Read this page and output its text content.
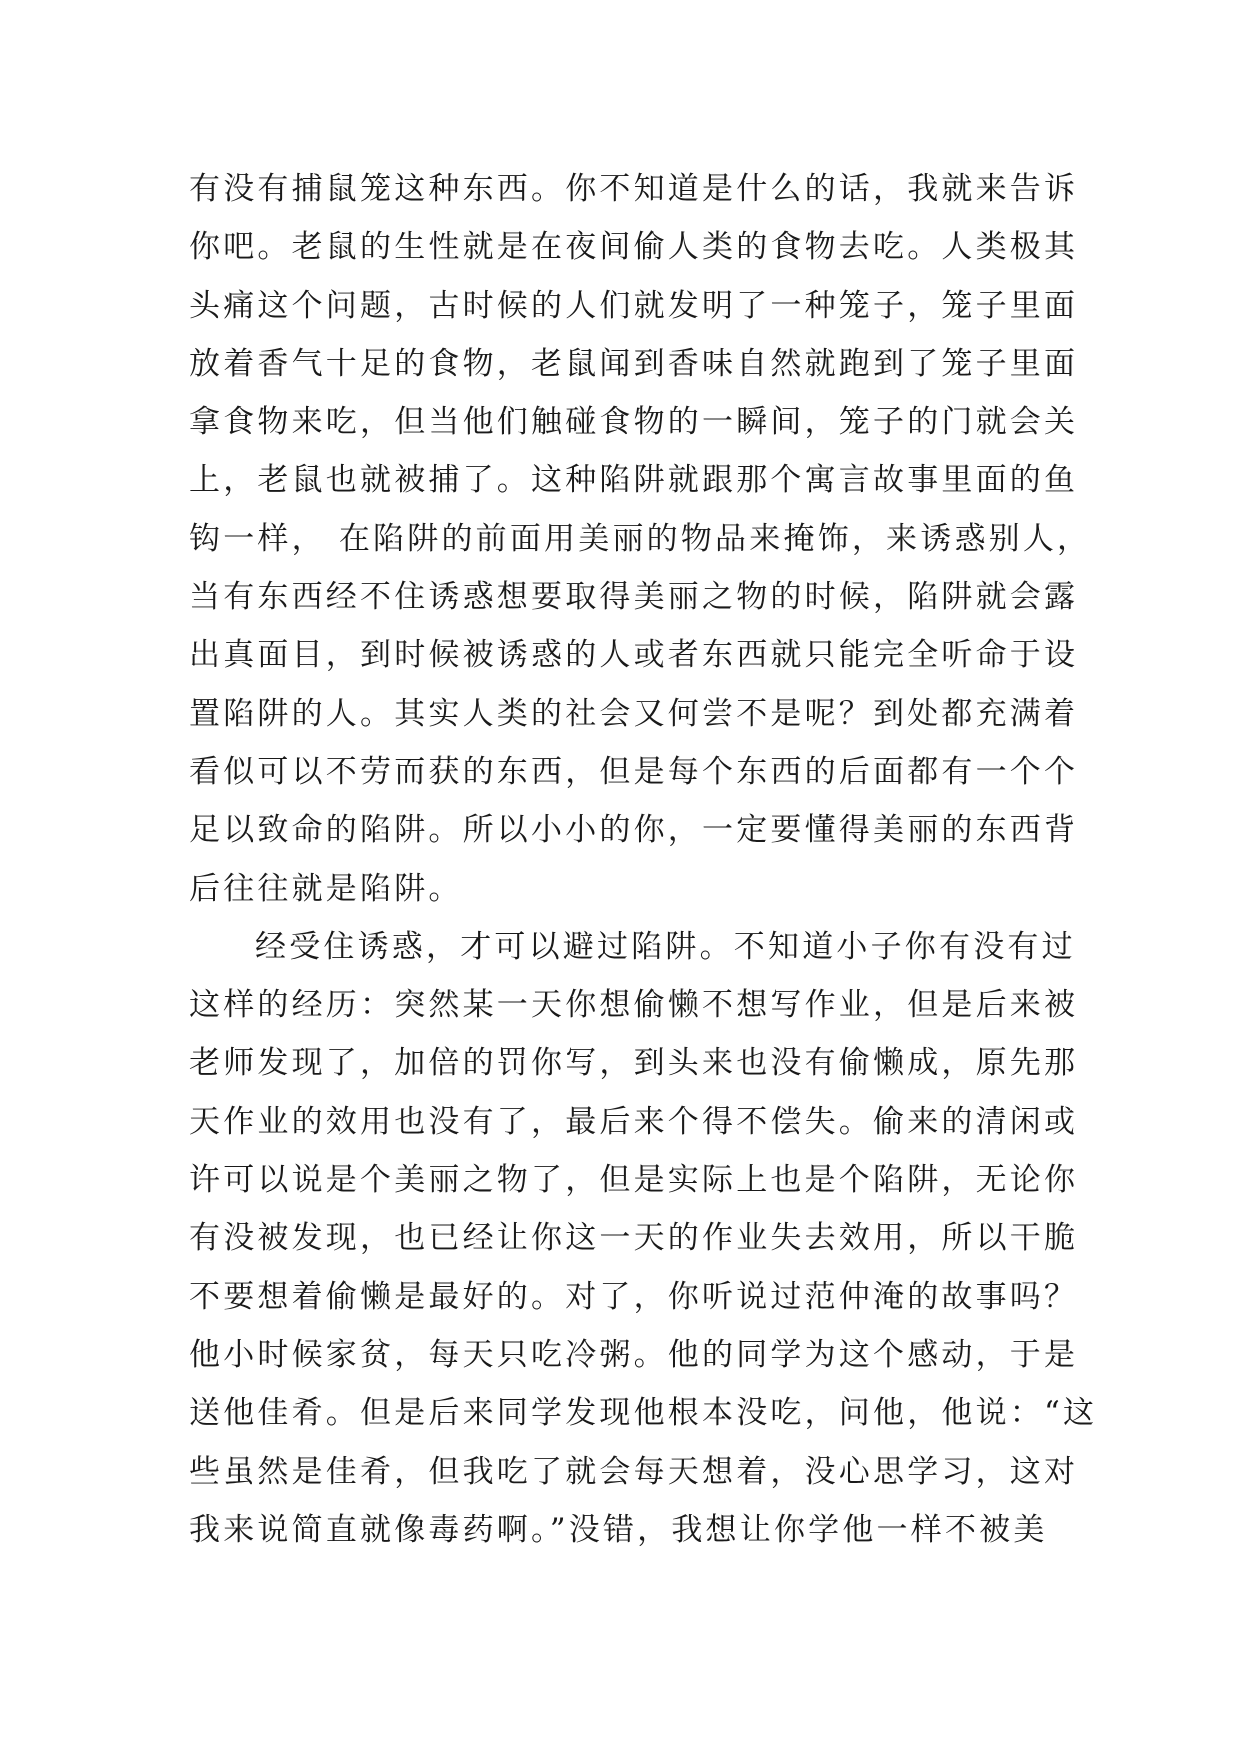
有没有捕鼠笼这种东西。你不知道是什么的话，我就来告诉
你吧。老鼠的生性就是在夜间偷人类的食物去吃。人类极其
头痛这个问题，古时候的人们就发明了一种笼子，笼子里面
放着香气十足的食物，老鼠闻到香味自然就跑到了笼子里面
拿食物来吃，但当他们触碰食物的一瞬间，笼子的门就会关
上，老鼠也就被捕了。这种陷阱就跟那个寓言故事里面的鱼
钩一样， 在陷阱的前面用美丽的物品来掩饰，来诱惑别人，
当有东西经不住诱惑想要取得美丽之物的时候，陷阱就会露
出真面目，到时候被诱惑的人或者东西就只能完全听命于设
置陷阱的人。其实人类的社会又何尝不是呢？到处都充满着
看似可以不劳而获的东西，但是每个东西的后面都有一个个
足以致命的陷阱。所以小小的你，一定要懂得美丽的东西背
后往往就是陷阱。
经受住诱惑，才可以避过陷阱。不知道小子你有没有过
这样的经历：突然某一天你想偷懒不想写作业，但是后来被
老师发现了，加倍的罚你写，到头来也没有偷懒成，原先那
天作业的效用也没有了，最后来个得不偿失。偷来的清闲或
许可以说是个美丽之物了，但是实际上也是个陷阱，无论你
有没被发现，也已经让你这一天的作业失去效用，所以干脆
不要想着偷懒是最好的。对了，你听说过范仲淹的故事吗？
他小时候家贫，每天只吃冷粥。他的同学为这个感动，于是
送他佳肴。但是后来同学发现他根本没吃，问他，他说：“这
些虽然是佳肴，但我吃了就会每天想着，没心思学习，这对
我来说简直就像毒药啊。”没错，我想让你学他一样不被美
